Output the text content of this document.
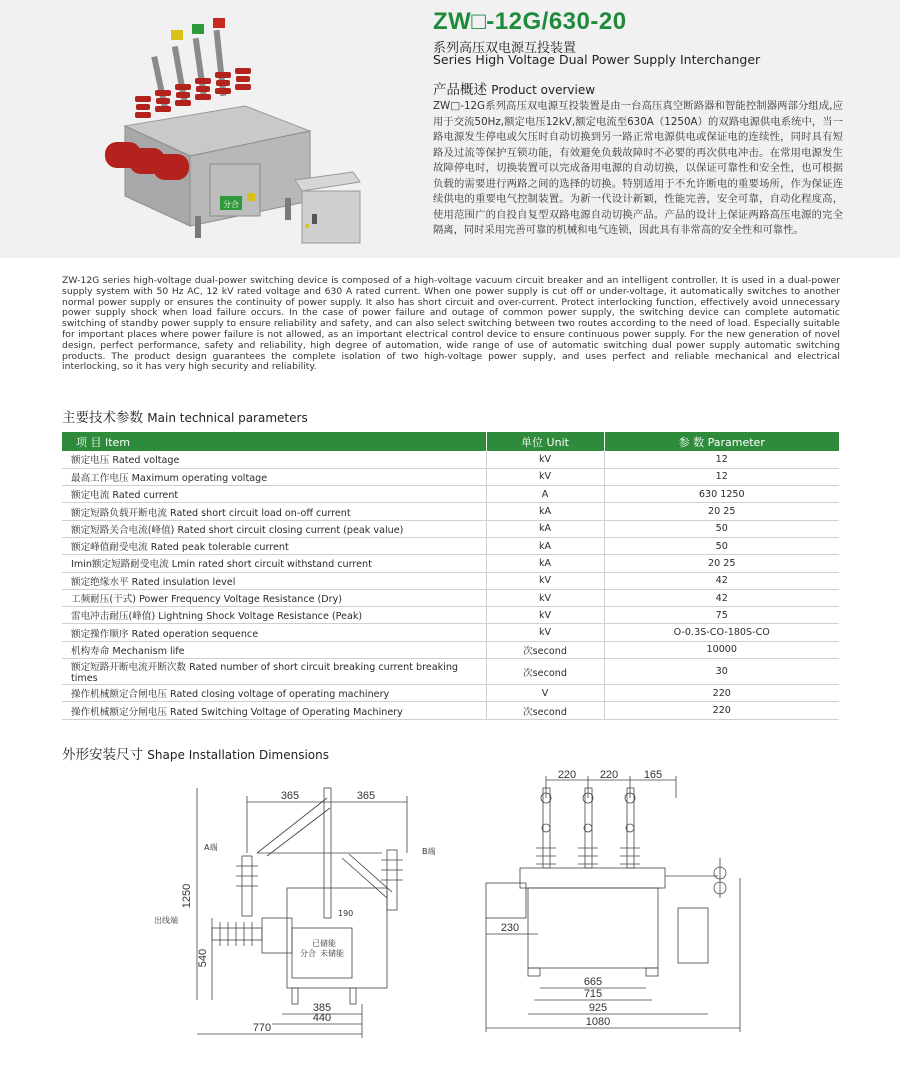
分合
ZW□-12G/630-20
系列高压双电源互投装置
Series High Voltage Dual Power Supply Interchanger
产品概述 Product overview
ZW□-12G系列高压双电源互投装置是由一台高压真空断路器和智能控制器两部分组成,应用于交流50Hz,额定电压12kV,额定电流至630A（1250A）的双路电源供电系统中，当一路电源发生停电或欠压时自动切换到另一路正常电源供电或保证电的连续性，同时具有短路及过流等保护互锁功能，有效避免负载故障时不必要的再次供电冲击。在常用电源发生故障停电时，切换装置可以完成备用电源的自动切换，以保证可靠性和安全性，也可根据负载的需要进行两路之间的选择的切换。特别适用于不允许断电的重要场所，作为保证连续供电的重要电气控制装置。为新一代设计新颖，性能完善，安全可靠，自动化程度高，使用范围广的自投自复型双路电源自动切换产品。产品的设计上保证两路高压电源的完全隔离，同时采用完善可靠的机械和电气连锁，因此具有非常高的安全性和可靠性。
ZW-12G series high-voltage dual-power switching device is composed of a high-voltage vacuum circuit breaker and an intelligent controller. It is used in a dual-power supply system with 50 Hz AC, 12 kV rated voltage and 630 A rated current. When one power supply is cut off or under-voltage, it automatically switches to another normal power supply or ensures the continuity of power supply. It also has short circuit and over-current. Protect interlocking function, effectively avoid unnecessary power supply shock when load failure occurs. In the case of power failure and outage of common power supply, the switching device can complete automatic switching of standby power supply to ensure reliability and safety, and can also select switching between two routes according to the need of load. Especially suitable for important places where power failure is not allowed, as an important electrical control device to ensure continuous power supply. For the new generation of novel design, perfect performance, safety and reliability, high degree of automation, wide range of use of automatic switching dual power supply automatic switching products. The product design guarantees the complete isolation of two high-voltage power supply, and uses perfect and reliable mechanical and electrical interlocking, so it has very high security and reliability.
主要技术参数 Main technical parameters
项 目 Item	单位 Unit	参 数 Parameter
额定电压 Rated voltage	kV	12
最高工作电压 Maximum operating voltage	kV	12
额定电流 Rated current	A	630 1250
额定短路负载开断电流 Rated short circuit load on-off current	kA	20 25
额定短路关合电流(峰值) Rated short circuit closing current (peak value)	kA	50
额定峰值耐受电流 Rated peak tolerable current	kA	50
Imin额定短路耐受电流 Lmin rated short circuit withstand current	kA	20 25
额定绝缘水平 Rated insulation level	kV	42
工频耐压(干式) Power Frequency Voltage Resistance (Dry)	kV	42
雷电冲击耐压(峰值) Lightning Shock Voltage Resistance (Peak)	kV	75
额定操作顺序 Rated operation sequence	kV	O-0.3S-CO-180S-CO
机构寿命 Mechanism life	次second	10000
额定短路开断电流开断次数 Rated number of short circuit breaking current breaking times	次second	30
操作机械额定合闸电压 Rated closing voltage of operating machinery	V	220
操作机械额定分闸电压 Rated Switching Voltage of Operating Machinery	次second	220
外形安装尺寸 Shape Installation Dimensions
365	365
A端	B端
出线端
1250
540
190
已储能
分合 未储能
385
440
770
220 220 165
230
665
715
925
1080
